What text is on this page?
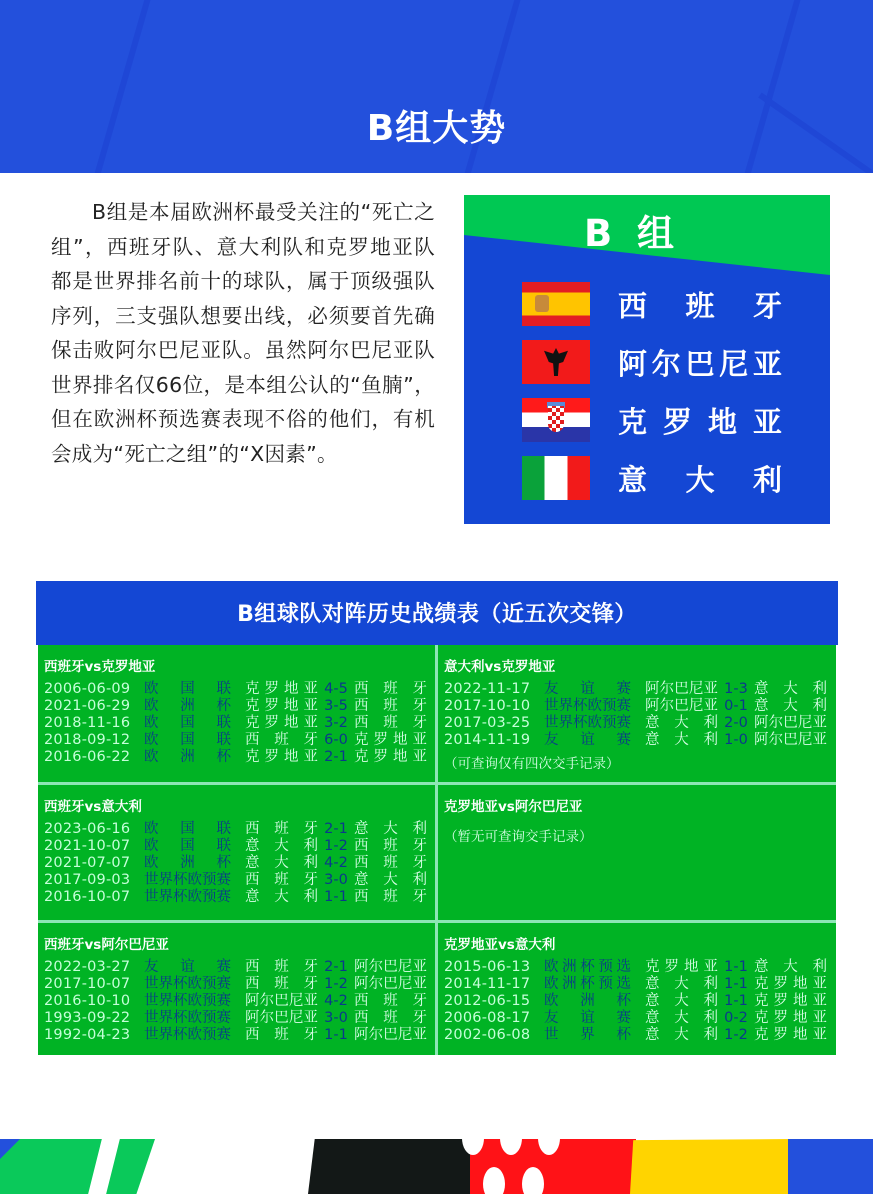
B组大势

B组是本届欧洲杯最受关注的“死亡之组”，西班牙队、意大利队和克罗地亚队都是世界排名前十的球队，属于顶级强队序列，三支强队想要出线，必须要首先确保击败阿尔巴尼亚队。虽然阿尔巴尼亚队世界排名仅66位，是本组公认的“鱼腩”，但在欧洲杯预选赛表现不俗的他们，有机会成为“死亡之组”的“X因素”。

B 组
西 班 牙
阿 尔 巴 尼 亚
克 罗 地 亚
意 大 利
B组球队对阵历史战绩表（近五次交锋）
西班牙vs克罗地亚
2006-06-09 欧 国 联 克 罗 地 亚 4-5 西 班 牙
2021-06-29 欧 洲 杯 克 罗 地 亚 3-5 西 班 牙
2018-11-16 欧 国 联 克 罗 地 亚 3-2 西 班 牙
2018-09-12 欧 国 联 西 班 牙 6-0 克 罗 地 亚
2016-06-22 欧 洲 杯 克 罗 地 亚 2-1 克 罗 地 亚
意大利vs克罗地亚
2022-11-17 友 谊 赛 阿 尔 巴 尼 亚 1-3 意 大 利
2017-10-10 世 界 杯 欧 预 赛 阿 尔 巴 尼 亚 0-1 意 大 利
2017-03-25 世 界 杯 欧 预 赛 意 大 利 2-0 阿 尔 巴 尼 亚
2014-11-19 友 谊 赛 意 大 利 1-0 阿 尔 巴 尼 亚
（可查询仅有四次交手记录）
西班牙vs意大利
2023-06-16 欧 国 联 西 班 牙 2-1 意 大 利
2021-10-07 欧 国 联 意 大 利 1-2 西 班 牙
2021-07-07 欧 洲 杯 意 大 利 4-2 西 班 牙
2017-09-03 世 界 杯 欧 预 赛 西 班 牙 3-0 意 大 利
2016-10-07 世 界 杯 欧 预 赛 意 大 利 1-1 西 班 牙
克罗地亚vs阿尔巴尼亚
（暂无可查询交手记录）
西班牙vs阿尔巴尼亚
2022-03-27 友 谊 赛 西 班 牙 2-1 阿 尔 巴 尼 亚
2017-10-07 世 界 杯 欧 预 赛 西 班 牙 1-2 阿 尔 巴 尼 亚
2016-10-10 世 界 杯 欧 预 赛 阿 尔 巴 尼 亚 4-2 西 班 牙
1993-09-22 世 界 杯 欧 预 赛 阿 尔 巴 尼 亚 3-0 西 班 牙
1992-04-23 世 界 杯 欧 预 赛 西 班 牙 1-1 阿 尔 巴 尼 亚
克罗地亚vs意大利
2015-06-13 欧 洲 杯 预 选 克 罗 地 亚 1-1 意 大 利
2014-11-17 欧 洲 杯 预 选 意 大 利 1-1 克 罗 地 亚
2012-06-15 欧 洲 杯 意 大 利 1-1 克 罗 地 亚
2006-08-17 友 谊 赛 意 大 利 0-2 克 罗 地 亚
2002-06-08 世 界 杯 意 大 利 1-2 克 罗 地 亚
